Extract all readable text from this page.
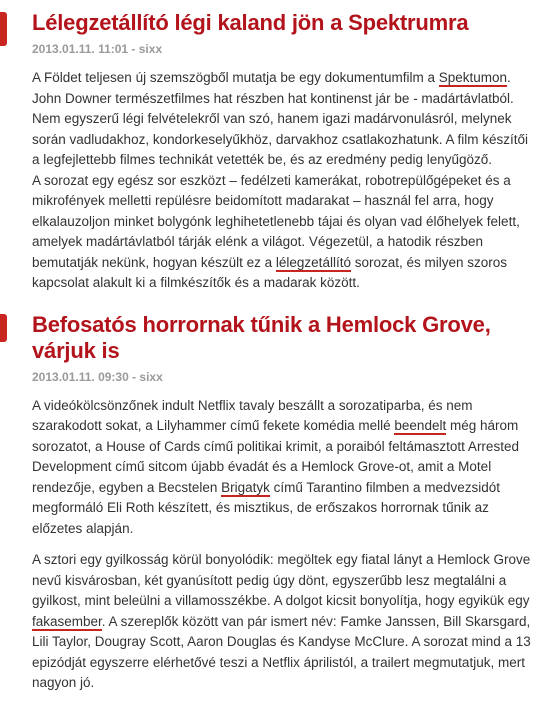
Lélegzetállító légi kaland jön a Spektrumra
2013.01.11. 11:01 - sixx

A Földet teljesen új szemszögből mutatja be egy dokumentumfilm a Spektumon. John Downer természetfilmes hat részben hat kontinenst jár be - madártávlatból. Nem egyszerű légi felvételekről van szó, hanem igazi madárvonulásról, melynek során vadludakhoz, kondorkeselyűkhöz, darvakhoz csatlakozhatunk. A film készítői a legfejlettebb filmes technikát vetették be, és az eredmény pedig lenyűgöző.

A sorozat egy egész sor eszközt – fedélzeti kamerákat, robotrepülőgépeket és a mikrofények melletti repülésre beidomított madarakat – használ fel arra, hogy elkalauzoljon minket bolygónk leghihetetlenebb tájai és olyan vad élőhelyek felett, amelyek madártávlatból tárják elénk a világot. Végezetül, a hatodik részben bemutatják nekünk, hogyan készült ez a lélegzetállító sorozat, és milyen szoros kapcsolat alakult ki a filmkészítők és a madarak között.

Befosatós horrornak tűnik a Hemlock Grove, várjuk is
2013.01.11. 09:30 - sixx

A videókölcsönzőnek indult Netflix tavaly beszállt a sorozatiparba, és nem szarakodott sokat, a Lilyhammer című fekete komédia mellé beendelt még három sorozatot, a House of Cards című politikai krimit, a poraiból feltámasztott Arrested Development című sitcom újabb évadát és a Hemlock Grove-ot, amit a Motel rendezője, egyben a Becstelen Brigatyk című Tarantino filmben a medvezsidót megformáló Eli Roth készített, és misztikus, de erőszakos horrornak tűnik az előzetes alapján.

A sztori egy gyilkosság körül bonyolódik: megöltek egy fiatal lányt a Hemlock Grove nevű kisvárosban, két gyanúsított pedig úgy dönt, egyszerűbb lesz megtalálni a gyilkost, mint beleülni a villamosszékbe. A dolgot kicsit bonyolítja, hogy egyikük egy fakasember. A szereplők között van pár ismert név: Famke Janssen, Bill Skarsgard, Lili Taylor, Dougray Scott, Aaron Douglas és Kandyse McClure. A sorozat mind a 13 epizódját egyszerre elérhetővé teszi a Netflix áprilistól, a trailert megmutatjuk, mert nagyon jó.
